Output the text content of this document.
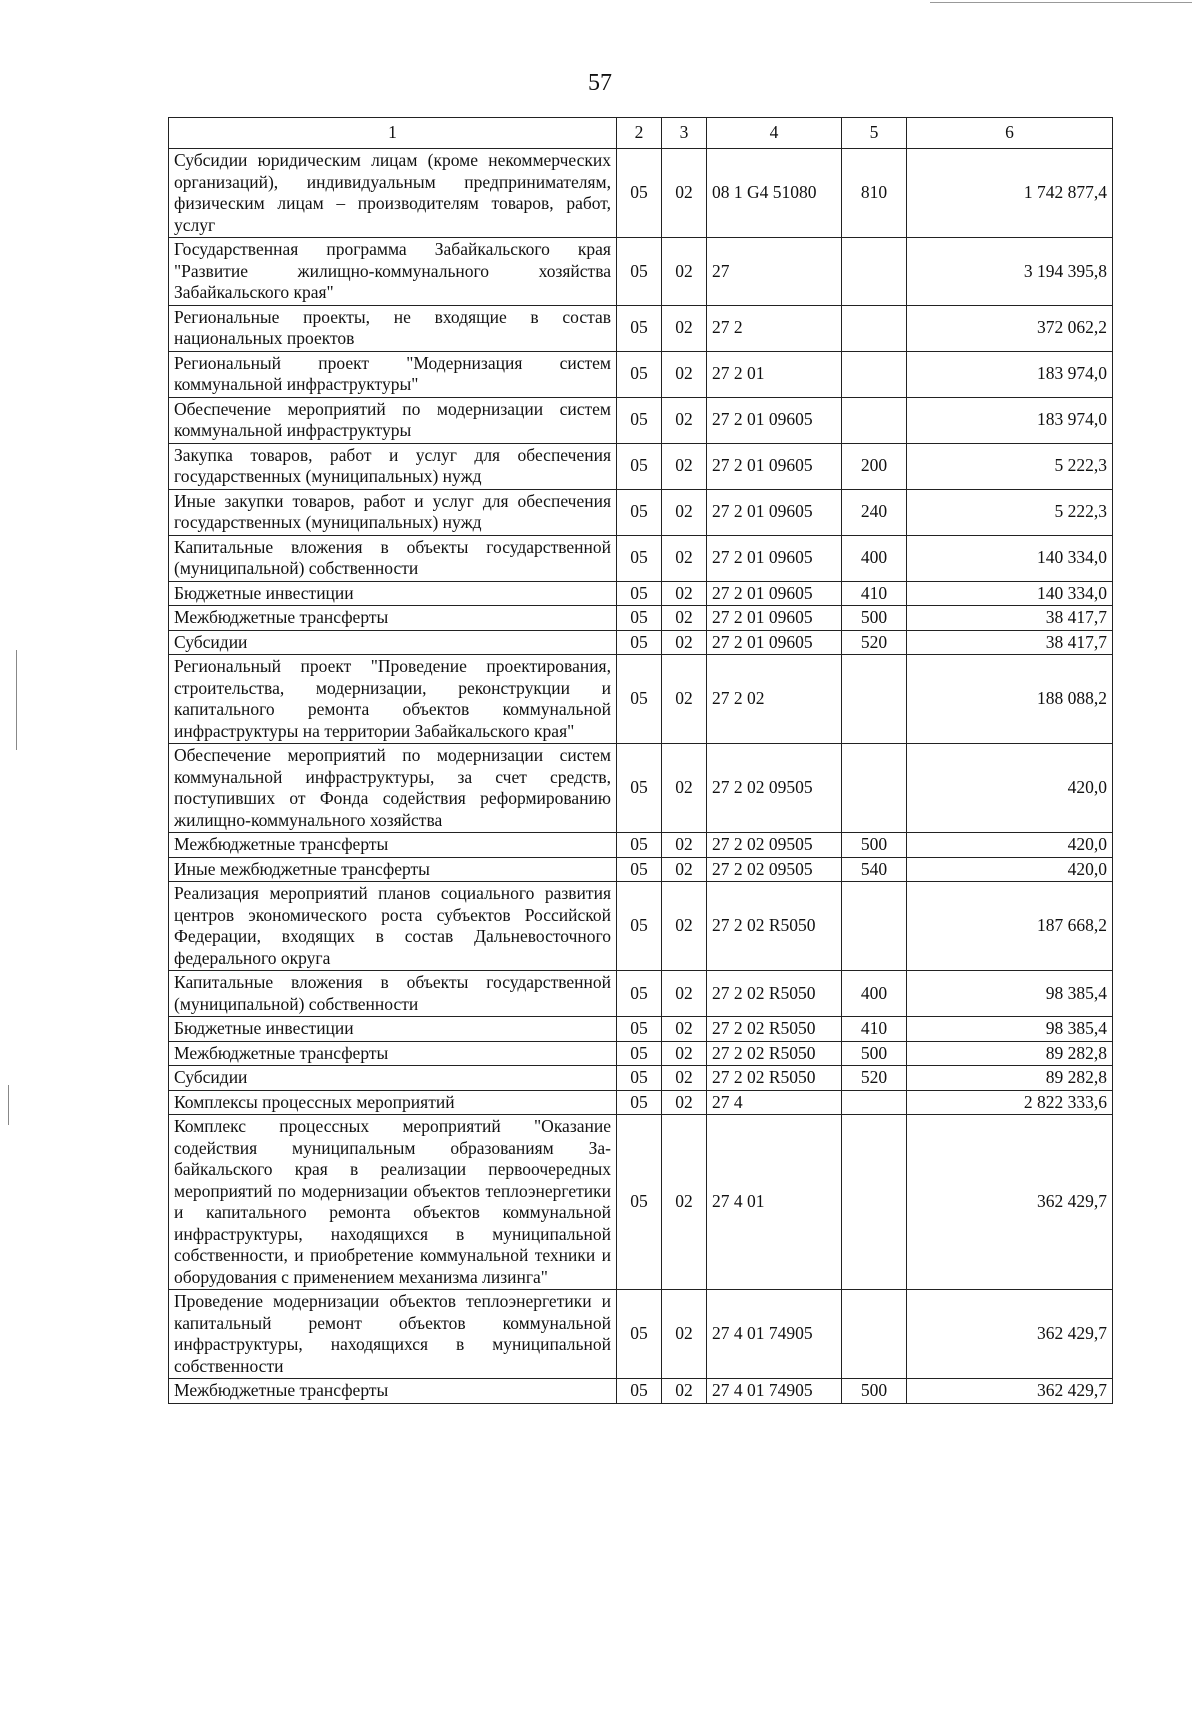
57
1	2	3	4	5	6
Субсидии юридическим лицам (кроме некоммерческих организаций), индивидуальным предпринимателям, физическим лицам – производителям товаров, работ, услуг	05	02	08 1 G4 51080	810	1 742 877,4
Государственная программа Забайкальского края "Развитие жилищно-коммунального хозяйства Забайкальского края"	05	02	27		3 194 395,8
Региональные проекты, не входящие в состав национальных проектов	05	02	27 2		372 062,2
Региональный проект "Модернизация систем коммунальной инфраструктуры"	05	02	27 2 01		183 974,0
Обеспечение мероприятий по модернизации систем коммунальной инфраструктуры	05	02	27 2 01 09605		183 974,0
Закупка товаров, работ и услуг для обеспечения государственных (муниципальных) нужд	05	02	27 2 01 09605	200	5 222,3
Иные закупки товаров, работ и услуг для обеспечения государственных (муниципальных) нужд	05	02	27 2 01 09605	240	5 222,3
Капитальные вложения в объекты государственной (муниципальной) собственности	05	02	27 2 01 09605	400	140 334,0
Бюджетные инвестиции	05	02	27 2 01 09605	410	140 334,0
Межбюджетные трансферты	05	02	27 2 01 09605	500	38 417,7
Субсидии	05	02	27 2 01 09605	520	38 417,7
Региональный проект "Проведение проектирования, строительства, модернизации, реконструкции и капитального ремонта объектов коммунальной инфраструктуры на территории Забайкальского края"	05	02	27 2 02		188 088,2
Обеспечение мероприятий по модернизации систем коммунальной инфраструктуры, за счет средств, поступивших от Фонда содействия реформированию жилищно-коммунального хозяйства	05	02	27 2 02 09505		420,0
Межбюджетные трансферты	05	02	27 2 02 09505	500	420,0
Иные межбюджетные трансферты	05	02	27 2 02 09505	540	420,0
Реализация мероприятий планов социального развития центров экономического роста субъектов Российской Федерации, входящих в состав Дальневосточного федерального округа	05	02	27 2 02 R5050		187 668,2
Капитальные вложения в объекты государственной (муниципальной) собственности	05	02	27 2 02 R5050	400	98 385,4
Бюджетные инвестиции	05	02	27 2 02 R5050	410	98 385,4
Межбюджетные трансферты	05	02	27 2 02 R5050	500	89 282,8
Субсидии	05	02	27 2 02 R5050	520	89 282,8
Комплексы процессных мероприятий	05	02	27 4		2 822 333,6
Комплекс процессных мероприятий "Оказание содействия муниципальным образованиям Забайкальского края в реализации первоочередных мероприятий по модернизации объектов теплоэнергетики и капитального ремонта объектов коммунальной инфраструктуры, находящихся в муниципальной собственности, и приобретение коммунальной техники и оборудования с применением механизма лизинга"	05	02	27 4 01		362 429,7
Проведение модернизации объектов теплоэнергетики и капитальный ремонт объектов коммунальной инфраструктуры, находящихся в муниципальной собственности	05	02	27 4 01 74905		362 429,7
Межбюджетные трансферты	05	02	27 4 01 74905	500	362 429,7
